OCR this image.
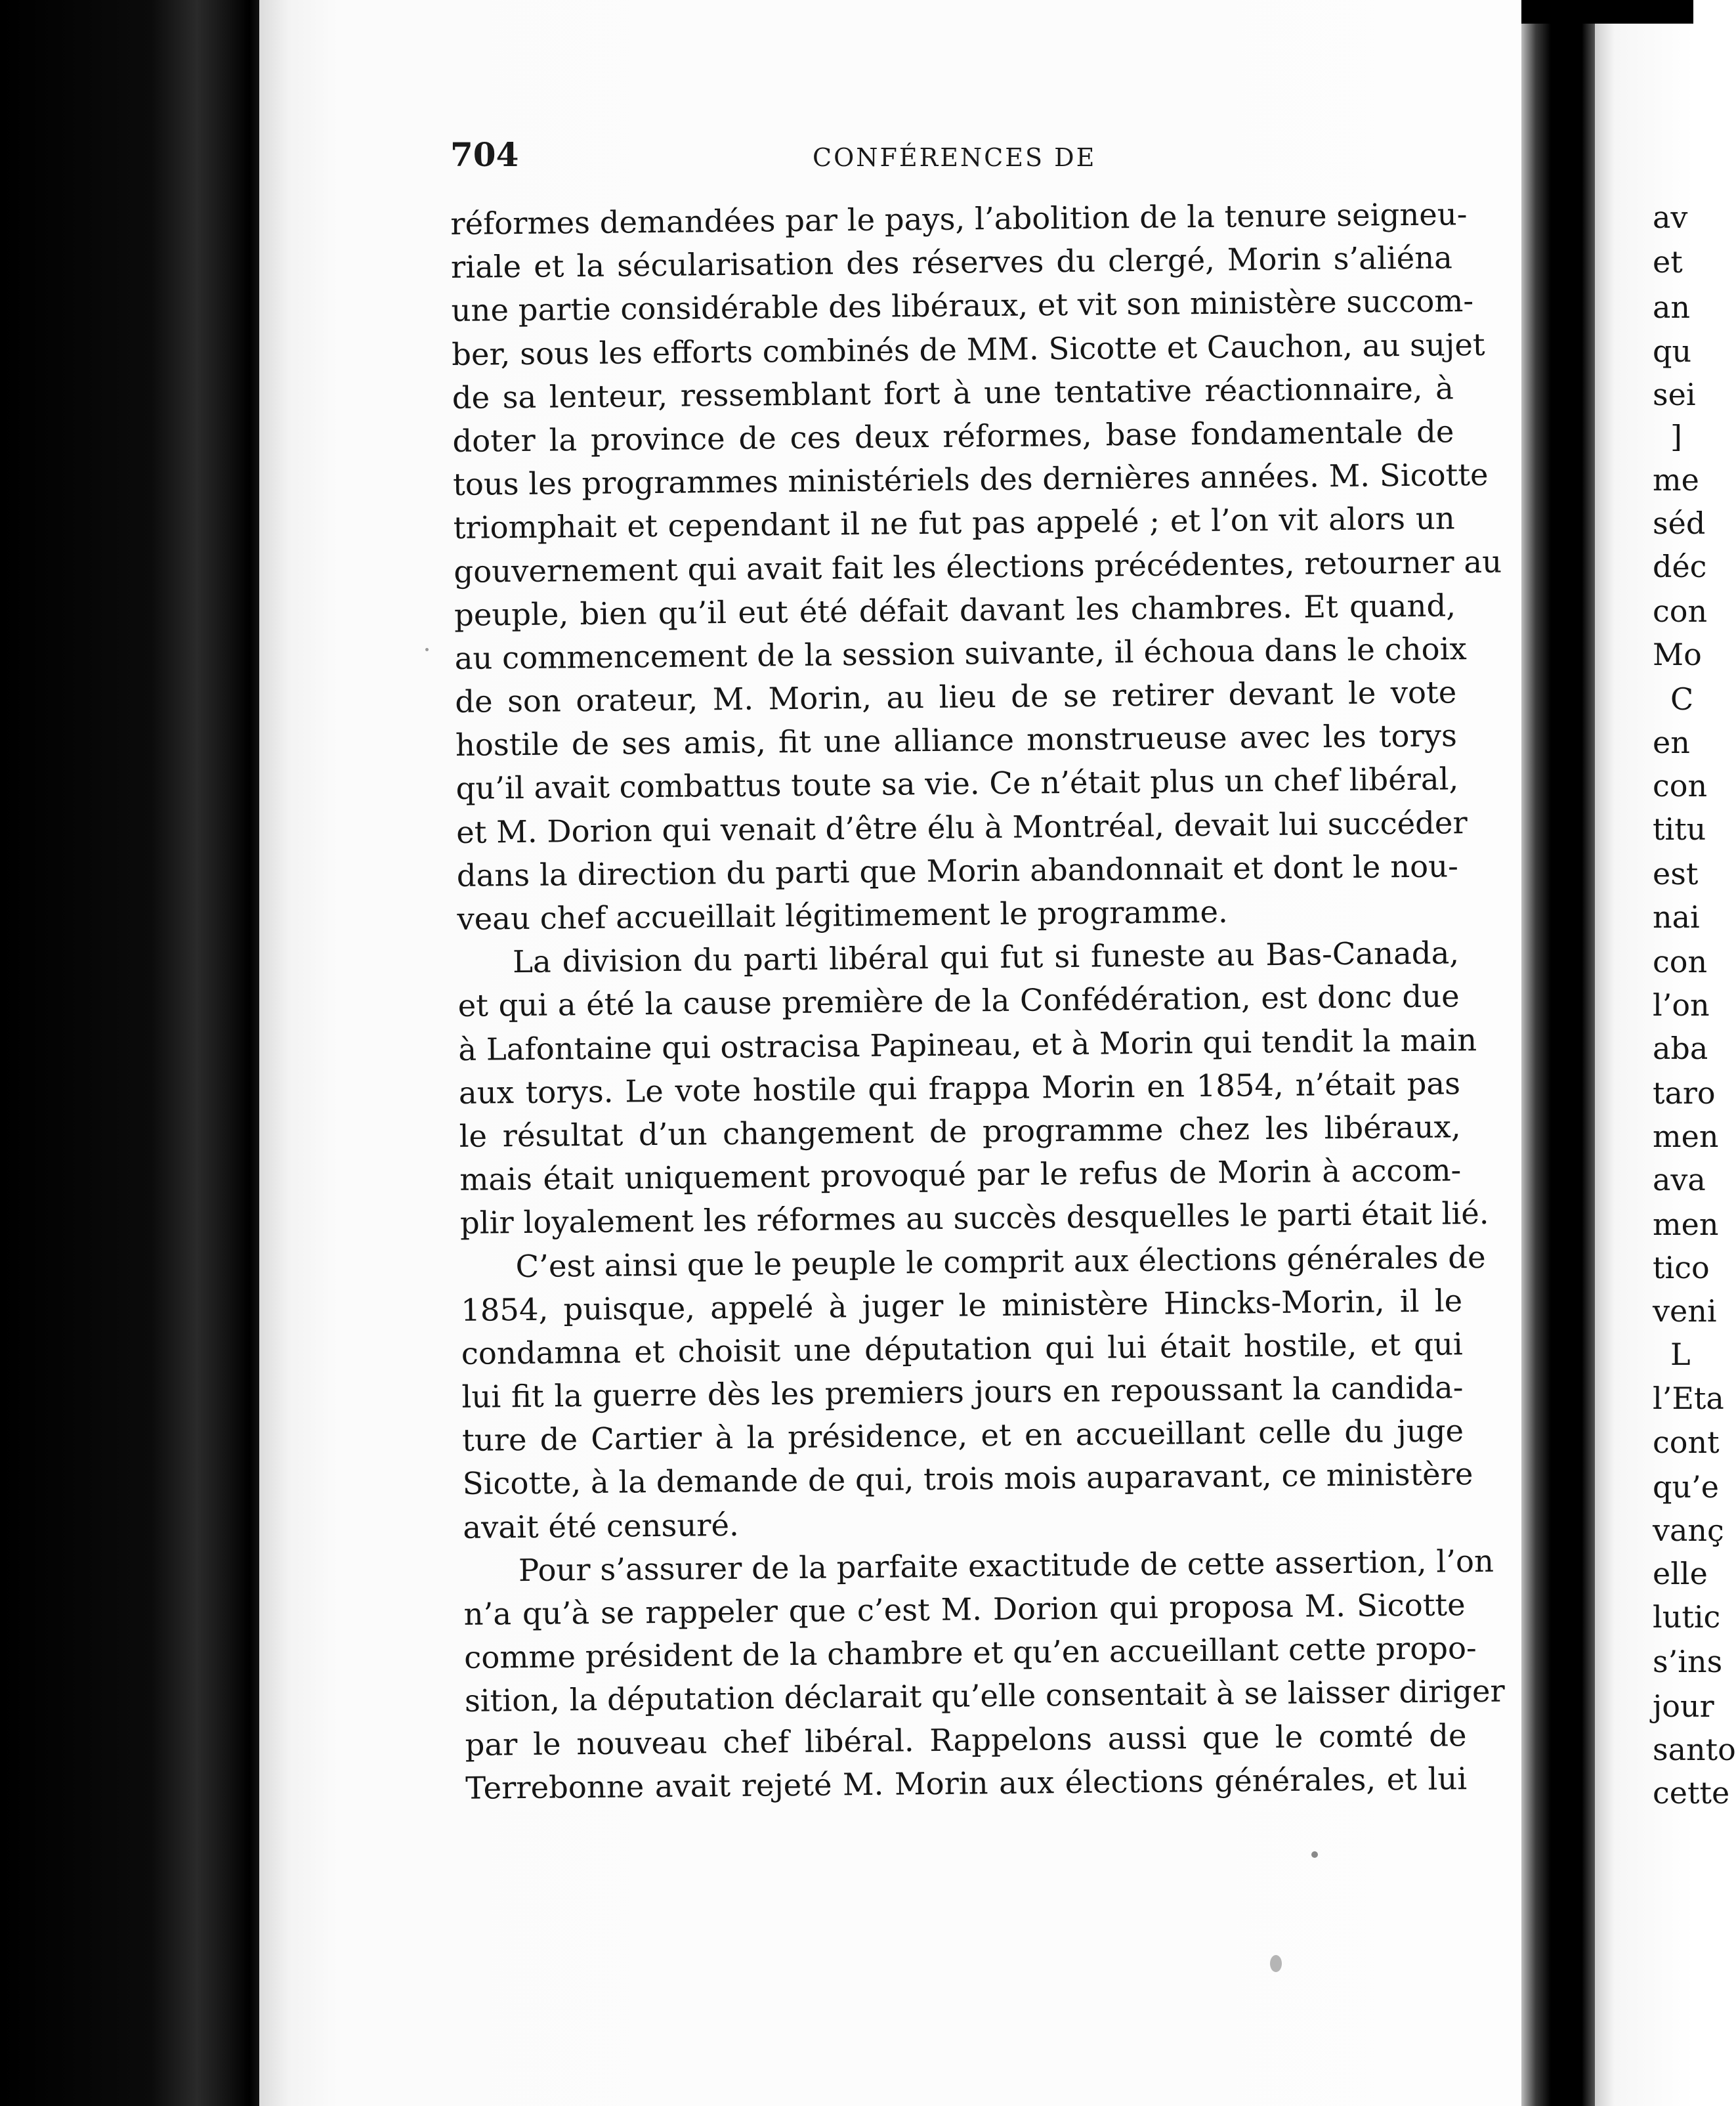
704	CONFÉRENCES DE
réformes demandées par le pays, l’abolition de la tenure seigneu-
riale et la sécularisation des réserves du clergé, Morin s’aliéna
une partie considérable des libéraux, et vit son ministère succom-
ber, sous les efforts combinés de MM. Sicotte et Cauchon, au sujet
de sa lenteur, ressemblant fort à une tentative réactionnaire, à
doter la province de ces deux réformes, base fondamentale de
tous les programmes ministériels des dernières années. M. Sicotte
triomphait et cependant il ne fut pas appelé ; et l’on vit alors un
gouvernement qui avait fait les élections précédentes, retourner au
peuple, bien qu’il eut été défait davant les chambres. Et quand,
au commencement de la session suivante, il échoua dans le choix
de son orateur, M. Morin, au lieu de se retirer devant le vote
hostile de ses amis, fit une alliance monstrueuse avec les torys
qu’il avait combattus toute sa vie. Ce n’était plus un chef libéral,
et M. Dorion qui venait d’être élu à Montréal, devait lui succéder
dans la direction du parti que Morin abandonnait et dont le nou-
veau chef accueillait légitimement le programme.
La division du parti libéral qui fut si funeste au Bas-Canada,
et qui a été la cause première de la Confédération, est donc due
à Lafontaine qui ostracisa Papineau, et à Morin qui tendit la main
aux torys. Le vote hostile qui frappa Morin en 1854, n’était pas
le résultat d’un changement de programme chez les libéraux,
mais était uniquement provoqué par le refus de Morin à accom-
plir loyalement les réformes au succès desquelles le parti était lié.
C’est ainsi que le peuple le comprit aux élections générales de
1854, puisque, appelé à juger le ministère Hincks-Morin, il le
condamna et choisit une députation qui lui était hostile, et qui
lui fit la guerre dès les premiers jours en repoussant la candida-
ture de Cartier à la présidence, et en accueillant celle du juge
Sicotte, à la demande de qui, trois mois auparavant, ce ministère
avait été censuré.
Pour s’assurer de la parfaite exactitude de cette assertion, l’on
n’a qu’à se rappeler que c’est M. Dorion qui proposa M. Sicotte
comme président de la chambre et qu’en accueillant cette propo-
sition, la députation déclarait qu’elle consentait à se laisser diriger
par le nouveau chef libéral. Rappelons aussi que le comté de
Terrebonne avait rejeté M. Morin aux élections générales, et lui
av
et
an
qu
sei
]
me
séd
déc
con
Mo
C
en
con
titu
est
nai
con
l’on
aba
taro
men
ava
men
tico
veni
L
l’Eta
cont
qu’e
vanç
elle
lutic
s’ins
jour
santo
cette
